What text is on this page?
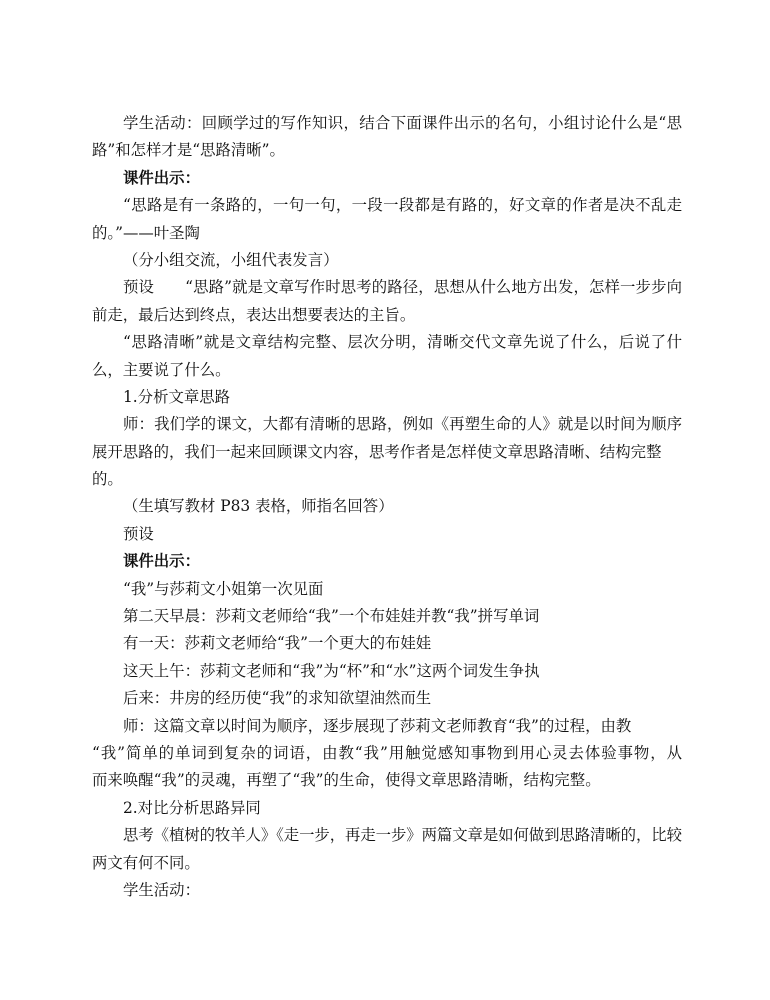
学生活动：回顾学过的写作知识，结合下面课件出示的名句，小组讨论什么是“思
路”和怎样才是“思路清晰”。
课件出示：
“思路是有一条路的，一句一句，一段一段都是有路的，好文章的作者是决不乱走
的。”——叶圣陶
（分小组交流，小组代表发言）
预设　　“思路”就是文章写作时思考的路径，思想从什么地方出发，怎样一步步向
前走，最后达到终点，表达出想要表达的主旨。
“思路清晰”就是文章结构完整、层次分明，清晰交代文章先说了什么，后说了什
么，主要说了什么。
1.分析文章思路
师：我们学的课文，大都有清晰的思路，例如《再塑生命的人》就是以时间为顺序
展开思路的，我们一起来回顾课文内容，思考作者是怎样使文章思路清晰、结构完整
的。
（生填写教材 P83 表格，师指名回答）
预设
课件出示：
“我”与莎莉文小姐第一次见面
第二天早晨：莎莉文老师给“我”一个布娃娃并教“我”拼写单词
有一天：莎莉文老师给“我”一个更大的布娃娃
这天上午：莎莉文老师和“我”为“杯”和“水”这两个词发生争执
后来：井房的经历使“我”的求知欲望油然而生
师：这篇文章以时间为顺序，逐步展现了莎莉文老师教育“我”的过程，由教
“我”简单的单词到复杂的词语，由教“我”用触觉感知事物到用心灵去体验事物，从
而来唤醒“我”的灵魂，再塑了“我”的生命，使得文章思路清晰，结构完整。
2.对比分析思路异同
思考《植树的牧羊人》《走一步，再走一步》两篇文章是如何做到思路清晰的，比较
两文有何不同。
学生活动：
